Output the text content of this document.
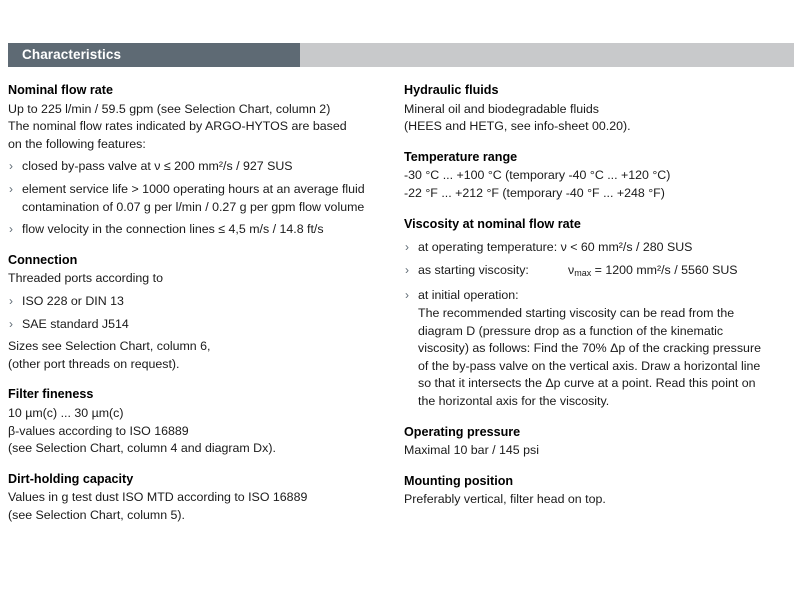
Characteristics
Nominal flow rate

Up to 225 l/min / 59.5 gpm (see Selection Chart, column 2)

The nominal flow rates indicated by ARGO-HYTOS are based

on the following features:

› closed by-pass valve at ν ≤ 200 mm²/s / 927 SUS
› element service life > 1000 operating hours at an average fluid contamination of 0.07 g per l/min / 0.27 g per gpm flow volume
› flow velocity in the connection lines ≤ 4,5 m/s / 14.8 ft/s
Connection

Threaded ports according to

› ISO 228 or DIN 13
› SAE standard J514

Sizes see Selection Chart, column 6,

(other port threads on request).

Filter fineness

10 µm(c) ... 30 µm(c)

β-values according to ISO 16889

(see Selection Chart, column 4 and diagram Dx).

Dirt-holding capacity

Values in g test dust ISO MTD according to ISO 16889

(see Selection Chart, column 5).

Hydraulic fluids

Mineral oil and biodegradable fluids

(HEES and HETG, see info-sheet 00.20).

Temperature range

-30 °C ... +100 °C (temporary -40 °C ... +120 °C)

-22 °F ... +212 °F (temporary -40 °F ... +248 °F)

Viscosity at nominal flow rate
› at operating temperature: ν < 60 mm²/s / 280 SUS
› as starting viscosity:	$\nu_{max} = 1200$ mm²/s / 5560 SUS
› at initial operation:

The recommended starting viscosity can be read from the

diagram D (pressure drop as a function of the kinematic

viscosity) as follows: Find the 70% Δp of the cracking pressure

of the by-pass valve on the vertical axis. Draw a horizontal line

so that it intersects the Δp curve at a point. Read this point on

the horizontal axis for the viscosity.

Operating pressure

Maximal 10 bar / 145 psi

Mounting position

Preferably vertical, filter head on top.
